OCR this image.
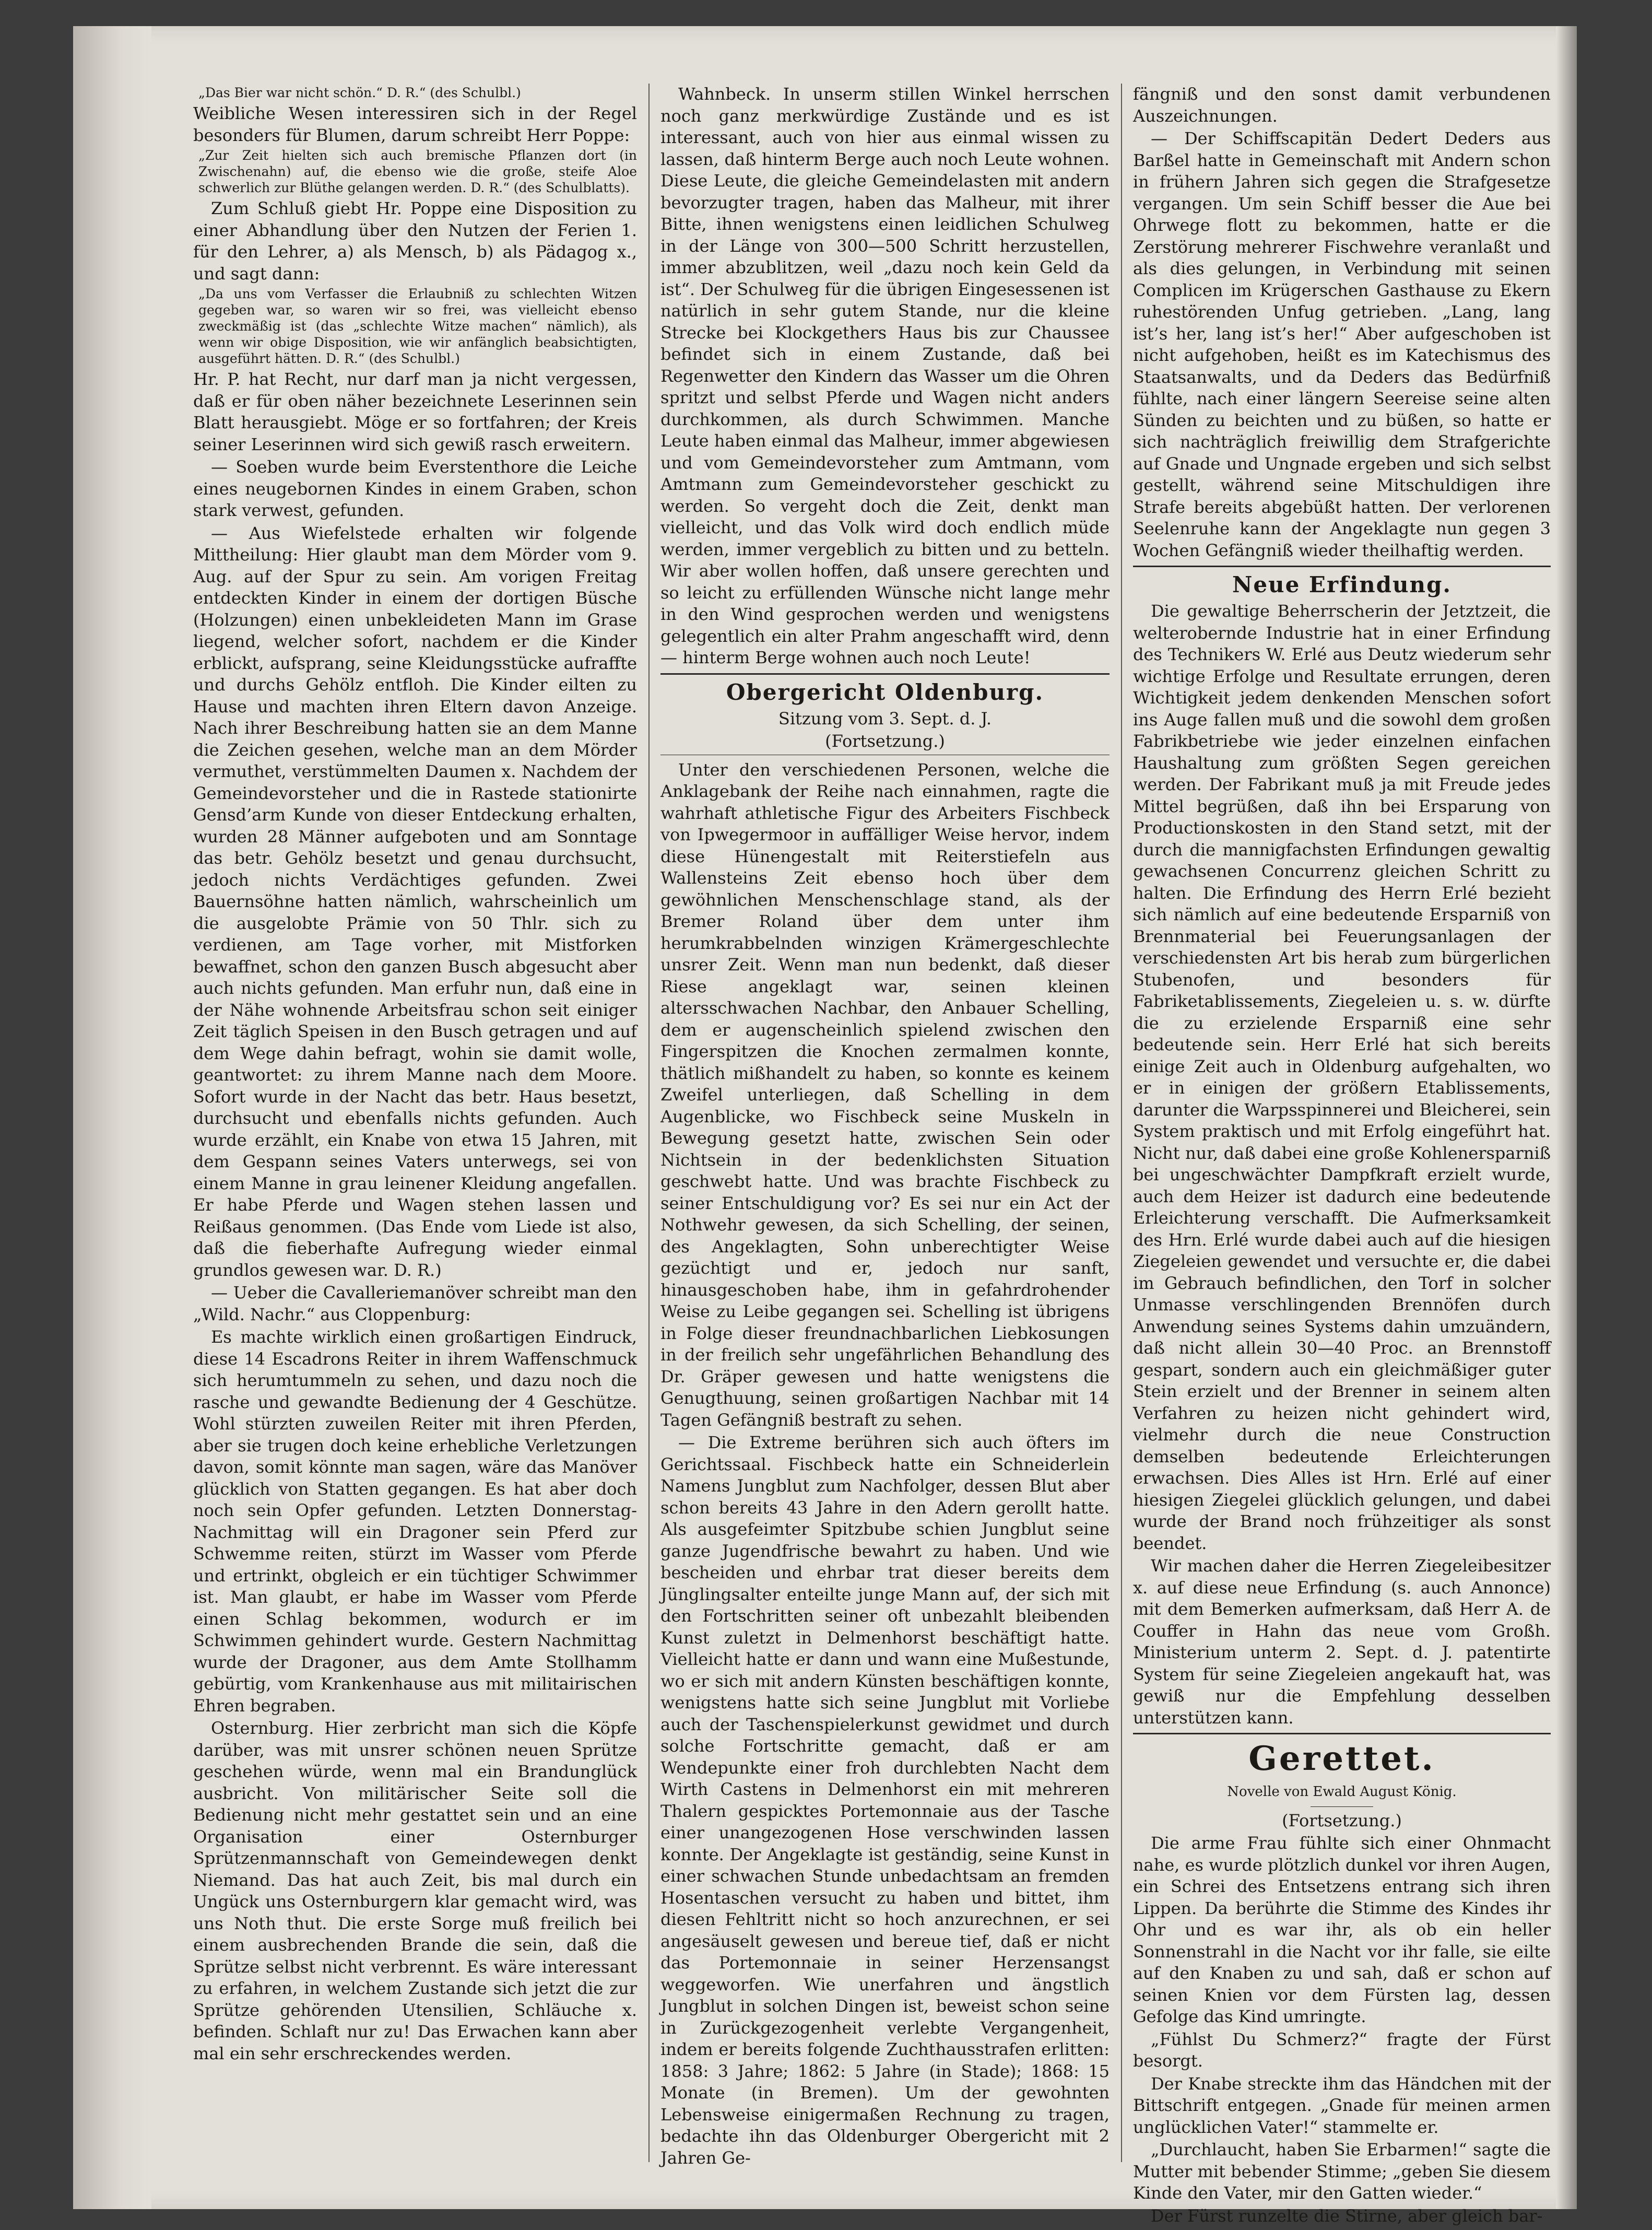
„Das Bier war nicht schön.“ D. R.“ (des Schulbl.)

Weibliche Wesen interessiren sich in der Regel besonders für Blumen, darum schreibt Herr Poppe:

„Zur Zeit hielten sich auch bremische Pflanzen dort (in Zwischenahn) auf, die ebenso wie die große, steife Aloe schwerlich zur Blüthe gelangen werden. D. R.“ (des Schulblatts).

Zum Schluß giebt Hr. Poppe eine Disposition zu einer Abhandlung über den Nutzen der Ferien 1. für den Lehrer, a) als Mensch, b) als Pädagog x., und sagt dann:

„Da uns vom Verfasser die Erlaubniß zu schlechten Witzen gegeben war, so waren wir so frei, was vielleicht ebenso zweckmäßig ist (das „schlechte Witze machen“ nämlich), als wenn wir obige Disposition, wie wir anfänglich beabsichtigten, ausgeführt hätten. D. R.“ (des Schulbl.)

Hr. P. hat Recht, nur darf man ja nicht vergessen, daß er für oben näher bezeichnete Leserinnen sein Blatt herausgiebt. Möge er so fortfahren; der Kreis seiner Leserinnen wird sich gewiß rasch erweitern.

— Soeben wurde beim Everstenthore die Leiche eines neugebornen Kindes in einem Graben, schon stark verwest, gefunden.

— Aus Wiefelstede erhalten wir folgende Mittheilung: Hier glaubt man dem Mörder vom 9. Aug. auf der Spur zu sein. Am vorigen Freitag entdeckten Kinder in einem der dortigen Büsche (Holzungen) einen unbekleideten Mann im Grase liegend, welcher sofort, nachdem er die Kinder erblickt, aufsprang, seine Kleidungsstücke aufraffte und durchs Gehölz entfloh. Die Kinder eilten zu Hause und machten ihren Eltern davon Anzeige. Nach ihrer Beschreibung hatten sie an dem Manne die Zeichen gesehen, welche man an dem Mörder vermuthet, verstümmelten Daumen x. Nachdem der Gemeindevorsteher und die in Rastede stationirte Gensd’arm Kunde von dieser Entdeckung erhalten, wurden 28 Männer aufgeboten und am Sonntage das betr. Gehölz besetzt und genau durchsucht, jedoch nichts Verdächtiges gefunden. Zwei Bauernsöhne hatten nämlich, wahrscheinlich um die ausgelobte Prämie von 50 Thlr. sich zu verdienen, am Tage vorher, mit Mistforken bewaffnet, schon den ganzen Busch abgesucht aber auch nichts gefunden. Man erfuhr nun, daß eine in der Nähe wohnende Arbeitsfrau schon seit einiger Zeit täglich Speisen in den Busch getragen und auf dem Wege dahin befragt, wohin sie damit wolle, geantwortet: zu ihrem Manne nach dem Moore. Sofort wurde in der Nacht das betr. Haus besetzt, durchsucht und ebenfalls nichts gefunden. Auch wurde erzählt, ein Knabe von etwa 15 Jahren, mit dem Gespann seines Vaters unterwegs, sei von einem Manne in grau leinener Kleidung angefallen. Er habe Pferde und Wagen stehen lassen und Reißaus genommen. (Das Ende vom Liede ist also, daß die fieberhafte Aufregung wieder einmal grundlos gewesen war. D. R.)

— Ueber die Cavalleriemanöver schreibt man den „Wild. Nachr.“ aus Cloppenburg:

Es machte wirklich einen großartigen Eindruck, diese 14 Escadrons Reiter in ihrem Waffenschmuck sich herumtummeln zu sehen, und dazu noch die rasche und gewandte Bedienung der 4 Geschütze. Wohl stürzten zuweilen Reiter mit ihren Pferden, aber sie trugen doch keine erhebliche Verletzungen davon, somit könnte man sagen, wäre das Manöver glücklich von Statten gegangen. Es hat aber doch noch sein Opfer gefunden. Letzten Donnerstag-Nachmittag will ein Dragoner sein Pferd zur Schwemme reiten, stürzt im Wasser vom Pferde und ertrinkt, obgleich er ein tüchtiger Schwimmer ist. Man glaubt, er habe im Wasser vom Pferde einen Schlag bekommen, wodurch er im Schwimmen gehindert wurde. Gestern Nachmittag wurde der Dragoner, aus dem Amte Stollhamm gebürtig, vom Krankenhause aus mit militairischen Ehren begraben.

Osternburg. Hier zerbricht man sich die Köpfe darüber, was mit unsrer schönen neuen Sprütze geschehen würde, wenn mal ein Brandunglück ausbricht. Von militärischer Seite soll die Bedienung nicht mehr gestattet sein und an eine Organisation einer Osternburger Sprützenmannschaft von Gemeindewegen denkt Niemand. Das hat auch Zeit, bis mal durch ein Ungück uns Osternburgern klar gemacht wird, was uns Noth thut. Die erste Sorge muß freilich bei einem ausbrechenden Brande die sein, daß die Sprütze selbst nicht verbrennt. Es wäre interessant zu erfahren, in welchem Zustande sich jetzt die zur Sprütze gehörenden Utensilien, Schläuche x. befinden. Schlaft nur zu! Das Erwachen kann aber mal ein sehr erschreckendes werden.

Wahnbeck. In unserm stillen Winkel herrschen noch ganz merkwürdige Zustände und es ist interessant, auch von hier aus einmal wissen zu lassen, daß hinterm Berge auch noch Leute wohnen. Diese Leute, die gleiche Gemeindelasten mit andern bevorzugter tragen, haben das Malheur, mit ihrer Bitte, ihnen wenigstens einen leidlichen Schulweg in der Länge von 300—500 Schritt herzustellen, immer abzublitzen, weil „dazu noch kein Geld da ist“. Der Schulweg für die übrigen Eingesessenen ist natürlich in sehr gutem Stande, nur die kleine Strecke bei Klockgethers Haus bis zur Chaussee befindet sich in einem Zustande, daß bei Regenwetter den Kindern das Wasser um die Ohren spritzt und selbst Pferde und Wagen nicht anders durchkommen, als durch Schwimmen. Manche Leute haben einmal das Malheur, immer abgewiesen und vom Gemeindevorsteher zum Amtmann, vom Amtmann zum Gemeindevorsteher geschickt zu werden. So vergeht doch die Zeit, denkt man vielleicht, und das Volk wird doch endlich müde werden, immer vergeblich zu bitten und zu betteln. Wir aber wollen hoffen, daß unsere gerechten und so leicht zu erfüllenden Wünsche nicht lange mehr in den Wind gesprochen werden und wenigstens gelegentlich ein alter Prahm angeschafft wird, denn — hinterm Berge wohnen auch noch Leute!

Obergericht Oldenburg.

Sitzung vom 3. Sept. d. J.

(Fortsetzung.)

Unter den verschiedenen Personen, welche die Anklagebank der Reihe nach einnahmen, ragte die wahrhaft athletische Figur des Arbeiters Fischbeck von Ipwegermoor in auffälliger Weise hervor, indem diese Hünengestalt mit Reiterstiefeln aus Wallensteins Zeit ebenso hoch über dem gewöhnlichen Menschenschlage stand, als der Bremer Roland über dem unter ihm herumkrabbelnden winzigen Krämergeschlechte unsrer Zeit. Wenn man nun bedenkt, daß dieser Riese angeklagt war, seinen kleinen altersschwachen Nachbar, den Anbauer Schelling, dem er augenscheinlich spielend zwischen den Fingerspitzen die Knochen zermalmen konnte, thätlich mißhandelt zu haben, so konnte es keinem Zweifel unterliegen, daß Schelling in dem Augenblicke, wo Fischbeck seine Muskeln in Bewegung gesetzt hatte, zwischen Sein oder Nichtsein in der bedenklichsten Situation geschwebt hatte. Und was brachte Fischbeck zu seiner Entschuldigung vor? Es sei nur ein Act der Nothwehr gewesen, da sich Schelling, der seinen, des Angeklagten, Sohn unberechtigter Weise gezüchtigt und er, jedoch nur sanft, hinausgeschoben habe, ihm in gefahrdrohender Weise zu Leibe gegangen sei. Schelling ist übrigens in Folge dieser freundnachbarlichen Liebkosungen in der freilich sehr ungefährlichen Behandlung des Dr. Gräper gewesen und hatte wenigstens die Genugthuung, seinen großartigen Nachbar mit 14 Tagen Gefängniß bestraft zu sehen.

— Die Extreme berühren sich auch öfters im Gerichtssaal. Fischbeck hatte ein Schneiderlein Namens Jungblut zum Nachfolger, dessen Blut aber schon bereits 43 Jahre in den Adern gerollt hatte. Als ausgefeimter Spitzbube schien Jungblut seine ganze Jugendfrische bewahrt zu haben. Und wie bescheiden und ehrbar trat dieser bereits dem Jünglingsalter enteilte junge Mann auf, der sich mit den Fortschritten seiner oft unbezahlt bleibenden Kunst zuletzt in Delmenhorst beschäftigt hatte. Vielleicht hatte er dann und wann eine Mußestunde, wo er sich mit andern Künsten beschäftigen konnte, wenigstens hatte sich seine Jungblut mit Vorliebe auch der Taschenspielerkunst gewidmet und durch solche Fortschritte gemacht, daß er am Wendepunkte einer froh durchlebten Nacht dem Wirth Castens in Delmenhorst ein mit mehreren Thalern gespicktes Portemonnaie aus der Tasche einer unangezogenen Hose verschwinden lassen konnte. Der Angeklagte ist geständig, seine Kunst in einer schwachen Stunde unbedachtsam an fremden Hosentaschen versucht zu haben und bittet, ihm diesen Fehltritt nicht so hoch anzurechnen, er sei angesäuselt gewesen und bereue tief, daß er nicht das Portemonnaie in seiner Herzensangst weggeworfen. Wie unerfahren und ängstlich Jungblut in solchen Dingen ist, beweist schon seine in Zurückgezogenheit verlebte Vergangenheit, indem er bereits folgende Zuchthausstrafen erlitten: 1858: 3 Jahre; 1862: 5 Jahre (in Stade); 1868: 15 Monate (in Bremen). Um der gewohnten Lebensweise einigermaßen Rechnung zu tragen, bedachte ihn das Oldenburger Obergericht mit 2 Jahren Ge-

fängniß und den sonst damit verbundenen Auszeichnungen.

— Der Schiffscapitän Dedert Deders aus Barßel hatte in Gemeinschaft mit Andern schon in frühern Jahren sich gegen die Strafgesetze vergangen. Um sein Schiff besser die Aue bei Ohrwege flott zu bekommen, hatte er die Zerstörung mehrerer Fischwehre veranlaßt und als dies gelungen, in Verbindung mit seinen Complicen im Krügerschen Gasthause zu Ekern ruhestörenden Unfug getrieben. „Lang, lang ist’s her, lang ist’s her!“ Aber aufgeschoben ist nicht aufgehoben, heißt es im Katechismus des Staatsanwalts, und da Deders das Bedürfniß fühlte, nach einer längern Seereise seine alten Sünden zu beichten und zu büßen, so hatte er sich nachträglich freiwillig dem Strafgerichte auf Gnade und Ungnade ergeben und sich selbst gestellt, während seine Mitschuldigen ihre Strafe bereits abgebüßt hatten. Der verlorenen Seelenruhe kann der Angeklagte nun gegen 3 Wochen Gefängniß wieder theilhaftig werden.

Neue Erfindung.

Die gewaltige Beherrscherin der Jetztzeit, die welterobernde Industrie hat in einer Erfindung des Technikers W. Erlé aus Deutz wiederum sehr wichtige Erfolge und Resultate errungen, deren Wichtigkeit jedem denkenden Menschen sofort ins Auge fallen muß und die sowohl dem großen Fabrikbetriebe wie jeder einzelnen einfachen Haushaltung zum größten Segen gereichen werden. Der Fabrikant muß ja mit Freude jedes Mittel begrüßen, daß ihn bei Ersparung von Productionskosten in den Stand setzt, mit der durch die mannigfachsten Erfindungen gewaltig gewachsenen Concurrenz gleichen Schritt zu halten. Die Erfindung des Herrn Erlé bezieht sich nämlich auf eine bedeutende Ersparniß von Brennmaterial bei Feuerungsanlagen der verschiedensten Art bis herab zum bürgerlichen Stubenofen, und besonders für Fabriketablissements, Ziegeleien u. s. w. dürfte die zu erzielende Ersparniß eine sehr bedeutende sein. Herr Erlé hat sich bereits einige Zeit auch in Oldenburg aufgehalten, wo er in einigen der größern Etablissements, darunter die Warpsspinnerei und Bleicherei, sein System praktisch und mit Erfolg eingeführt hat. Nicht nur, daß dabei eine große Kohlenersparniß bei ungeschwächter Dampfkraft erzielt wurde, auch dem Heizer ist dadurch eine bedeutende Erleichterung verschafft. Die Aufmerksamkeit des Hrn. Erlé wurde dabei auch auf die hiesigen Ziegeleien gewendet und versuchte er, die dabei im Gebrauch befindlichen, den Torf in solcher Unmasse verschlingenden Brennöfen durch Anwendung seines Systems dahin umzuändern, daß nicht allein 30—40 Proc. an Brennstoff gespart, sondern auch ein gleichmäßiger guter Stein erzielt und der Brenner in seinem alten Verfahren zu heizen nicht gehindert wird, vielmehr durch die neue Construction demselben bedeutende Erleichterungen erwachsen. Dies Alles ist Hrn. Erlé auf einer hiesigen Ziegelei glücklich gelungen, und dabei wurde der Brand noch frühzeitiger als sonst beendet.

Wir machen daher die Herren Ziegeleibesitzer x. auf diese neue Erfindung (s. auch Annonce) mit dem Bemerken aufmerksam, daß Herr A. de Couffer in Hahn das neue vom Großh. Ministerium unterm 2. Sept. d. J. patentirte System für seine Ziegeleien angekauft hat, was gewiß nur die Empfehlung desselben unterstützen kann.

Gerettet.

Novelle von Ewald August König.

(Fortsetzung.)

Die arme Frau fühlte sich einer Ohnmacht nahe, es wurde plötzlich dunkel vor ihren Augen, ein Schrei des Entsetzens entrang sich ihren Lippen. Da berührte die Stimme des Kindes ihr Ohr und es war ihr, als ob ein heller Sonnenstrahl in die Nacht vor ihr falle, sie eilte auf den Knaben zu und sah, daß er schon auf seinen Knien vor dem Fürsten lag, dessen Gefolge das Kind umringte.

„Fühlst Du Schmerz?“ fragte der Fürst besorgt.

Der Knabe streckte ihm das Händchen mit der Bittschrift entgegen. „Gnade für meinen armen unglücklichen Vater!“ stammelte er.

„Durchlaucht, haben Sie Erbarmen!“ sagte die Mutter mit bebender Stimme; „geben Sie diesem Kinde den Vater, mir den Gatten wieder.“

Der Fürst runzelte die Stirne, aber gleich bar-
